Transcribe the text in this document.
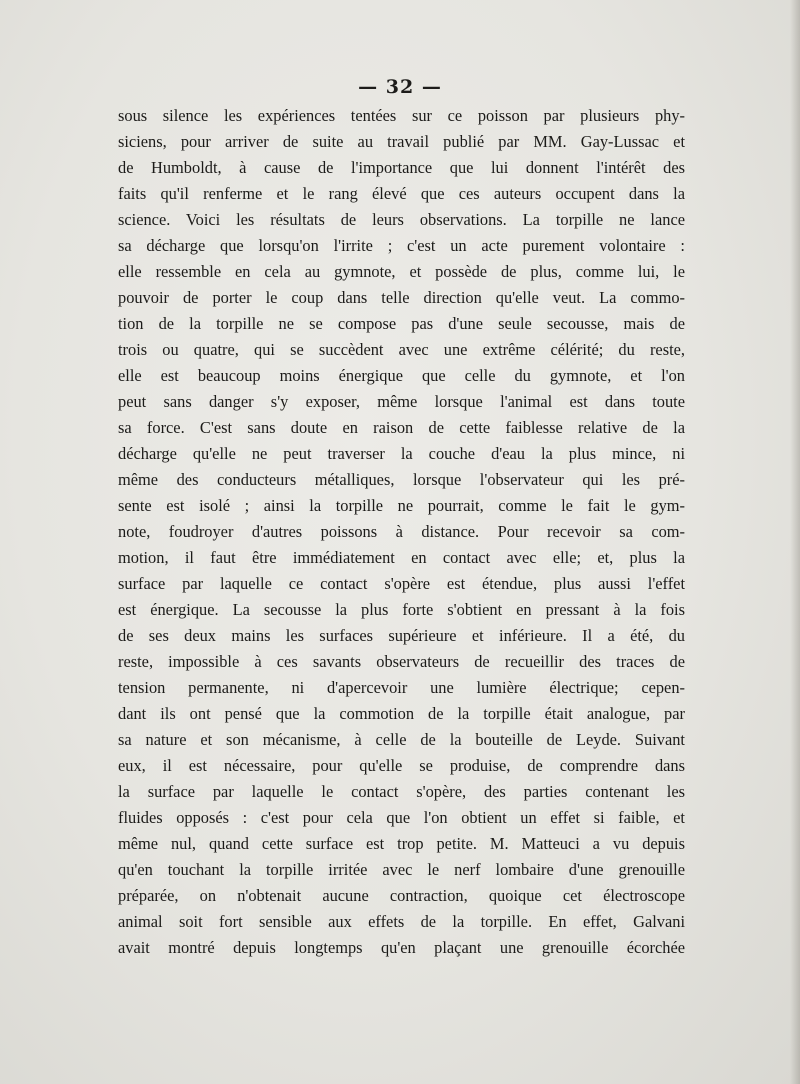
— 32 —
sous silence les expériences tentées sur ce poisson par plusieurs phy-
siciens, pour arriver de suite au travail publié par MM. Gay-Lussac et
de Humboldt, à cause de l'importance que lui donnent l'intérêt des
faits qu'il renferme et le rang élevé que ces auteurs occupent dans la
science. Voici les résultats de leurs observations. La torpille ne lance
sa décharge que lorsqu'on l'irrite ; c'est un acte purement volontaire :
elle ressemble en cela au gymnote, et possède de plus, comme lui, le
pouvoir de porter le coup dans telle direction qu'elle veut. La commo-
tion de la torpille ne se compose pas d'une seule secousse, mais de
trois ou quatre, qui se succèdent avec une extrême célérité; du reste,
elle est beaucoup moins énergique que celle du gymnote, et l'on
peut sans danger s'y exposer, même lorsque l'animal est dans toute
sa force. C'est sans doute en raison de cette faiblesse relative de la
décharge qu'elle ne peut traverser la couche d'eau la plus mince, ni
même des conducteurs métalliques, lorsque l'observateur qui les pré-
sente est isolé ; ainsi la torpille ne pourrait, comme le fait le gym-
note, foudroyer d'autres poissons à distance. Pour recevoir sa com-
motion, il faut être immédiatement en contact avec elle; et, plus la
surface par laquelle ce contact s'opère est étendue, plus aussi l'effet
est énergique. La secousse la plus forte s'obtient en pressant à la fois
de ses deux mains les surfaces supérieure et inférieure. Il a été, du
reste, impossible à ces savants observateurs de recueillir des traces de
tension permanente, ni d'apercevoir une lumière électrique; cepen-
dant ils ont pensé que la commotion de la torpille était analogue, par
sa nature et son mécanisme, à celle de la bouteille de Leyde. Suivant
eux, il est nécessaire, pour qu'elle se produise, de comprendre dans
la surface par laquelle le contact s'opère, des parties contenant les
fluides opposés : c'est pour cela que l'on obtient un effet si faible, et
même nul, quand cette surface est trop petite. M. Matteuci a vu depuis
qu'en touchant la torpille irritée avec le nerf lombaire d'une grenouille
préparée, on n'obtenait aucune contraction, quoique cet électroscope
animal soit fort sensible aux effets de la torpille. En effet, Galvani
avait montré depuis longtemps qu'en plaçant une grenouille écorchée
